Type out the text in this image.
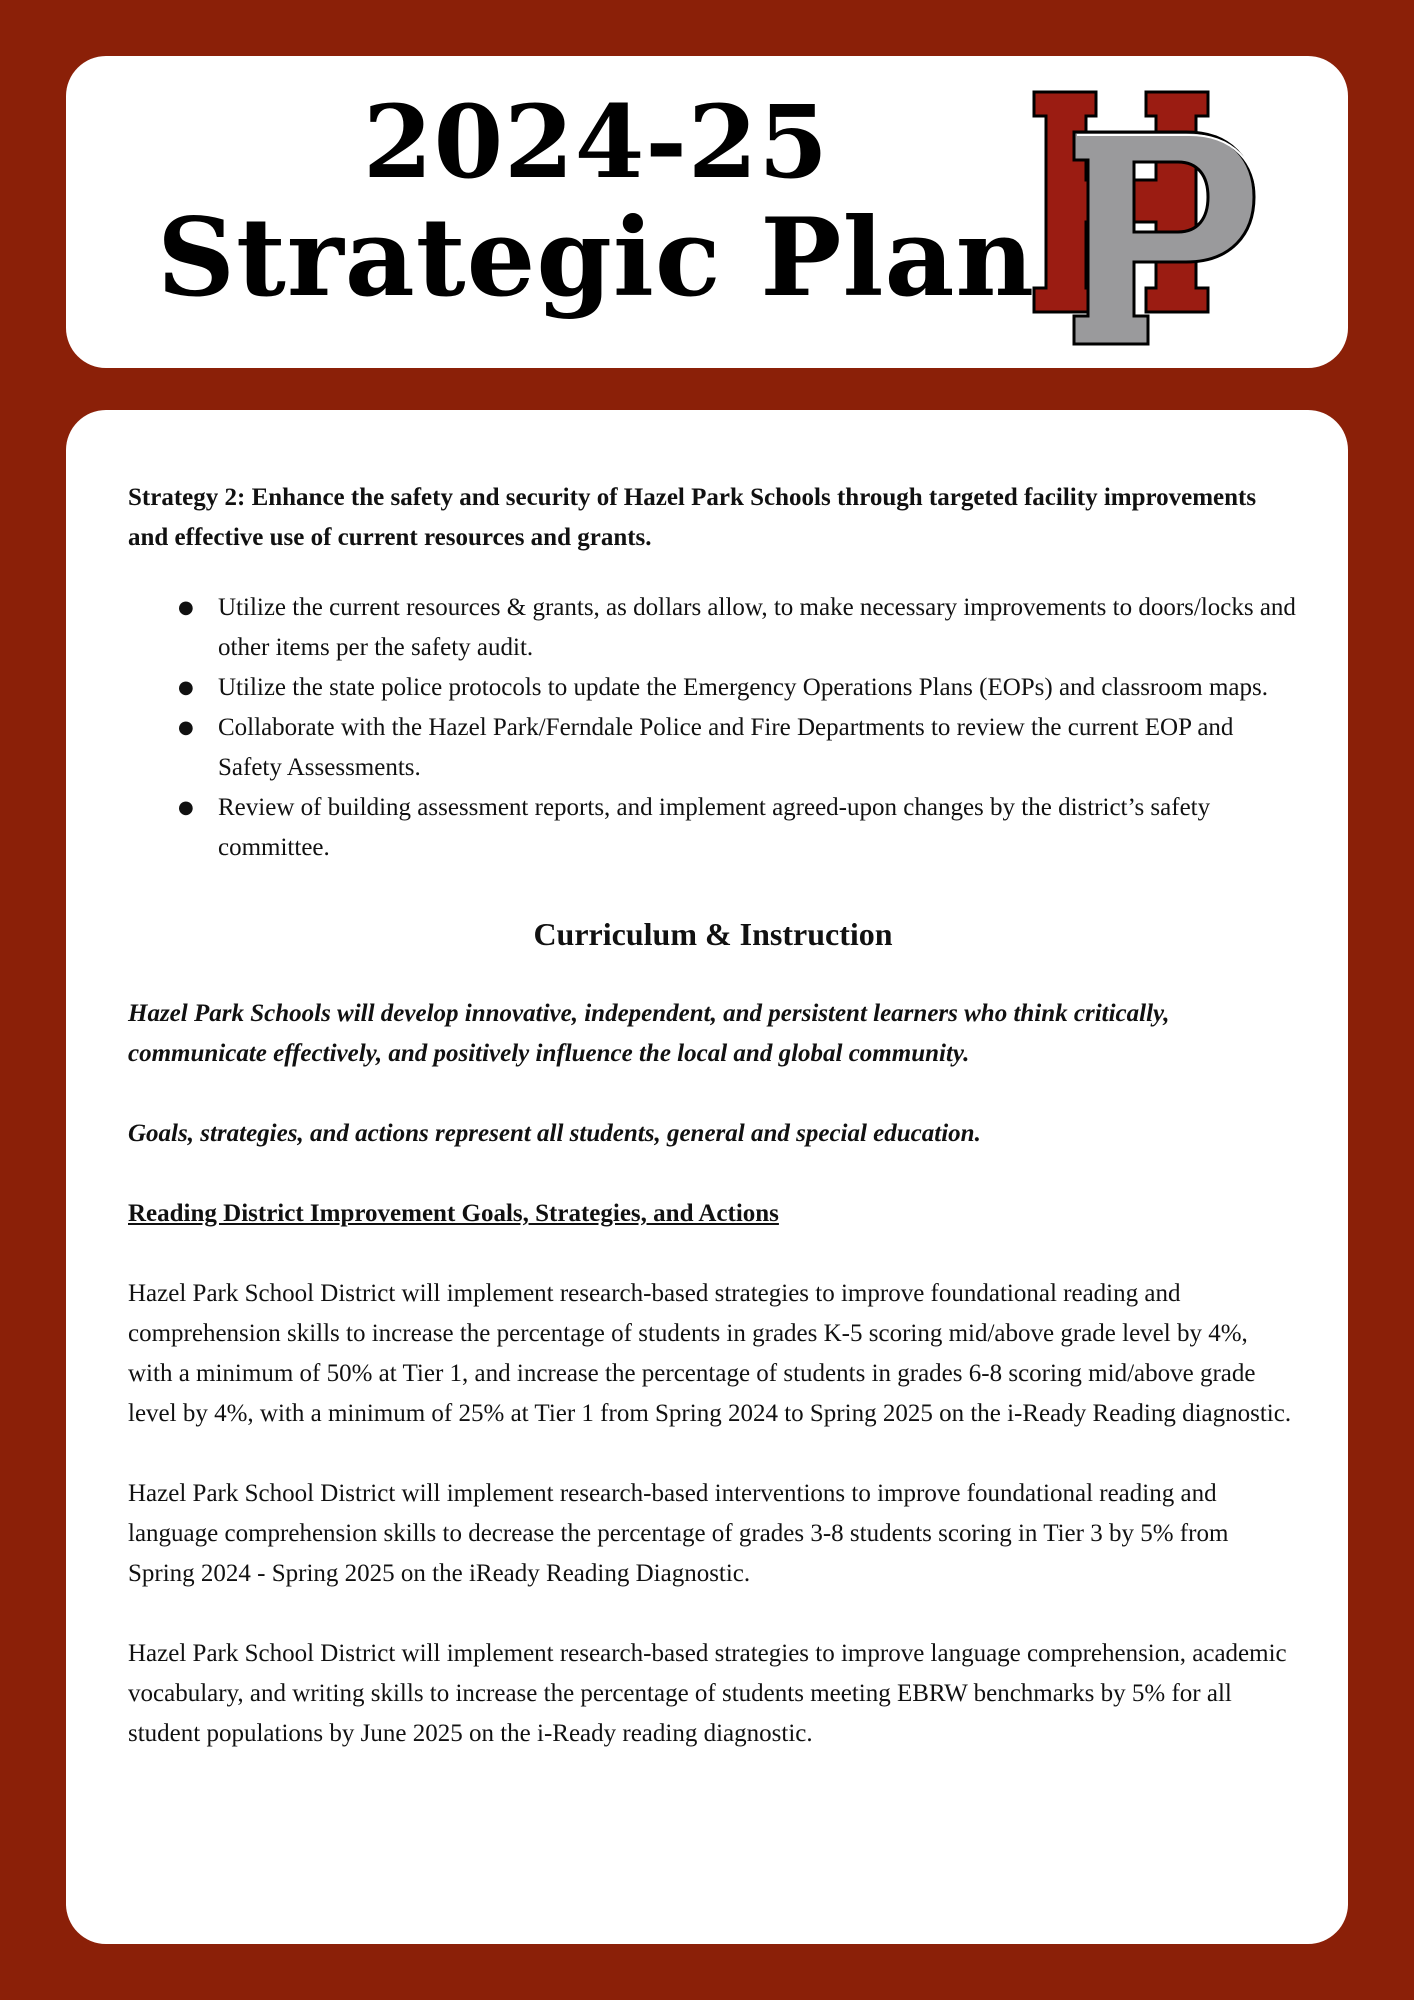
2024-25
Strategic Plan

Strategy 2: Enhance the safety and security of Hazel Park Schools through targeted facility improvements and effective use of current resources and grants.

● Utilize the current resources & grants, as dollars allow, to make necessary improvements to doors/locks and other items per the safety audit.
● Utilize the state police protocols to update the Emergency Operations Plans (EOPs) and classroom maps.
● Collaborate with the Hazel Park/Ferndale Police and Fire Departments to review the current EOP and Safety Assessments.
● Review of building assessment reports, and implement agreed-upon changes by the district’s safety committee.
Curriculum & Instruction

Hazel Park Schools will develop innovative, independent, and persistent learners who think critically, communicate effectively, and positively influence the local and global community.

Goals, strategies, and actions represent all students, general and special education.

Reading District Improvement Goals, Strategies, and Actions

Hazel Park School District will implement research-based strategies to improve foundational reading and comprehension skills to increase the percentage of students in grades K-5 scoring mid/above grade level by 4%, with a minimum of 50% at Tier 1, and increase the percentage of students in grades 6-8 scoring mid/above grade level by 4%, with a minimum of 25% at Tier 1 from Spring 2024 to Spring 2025 on the i-Ready Reading diagnostic.

Hazel Park School District will implement research-based interventions to improve foundational reading and language comprehension skills to decrease the percentage of grades 3-8 students scoring in Tier 3 by 5% from Spring 2024 - Spring 2025 on the iReady Reading Diagnostic.

Hazel Park School District will implement research-based strategies to improve language comprehension, academic vocabulary, and writing skills to increase the percentage of students meeting EBRW benchmarks by 5% for all student populations by June 2025 on the i-Ready reading diagnostic.
